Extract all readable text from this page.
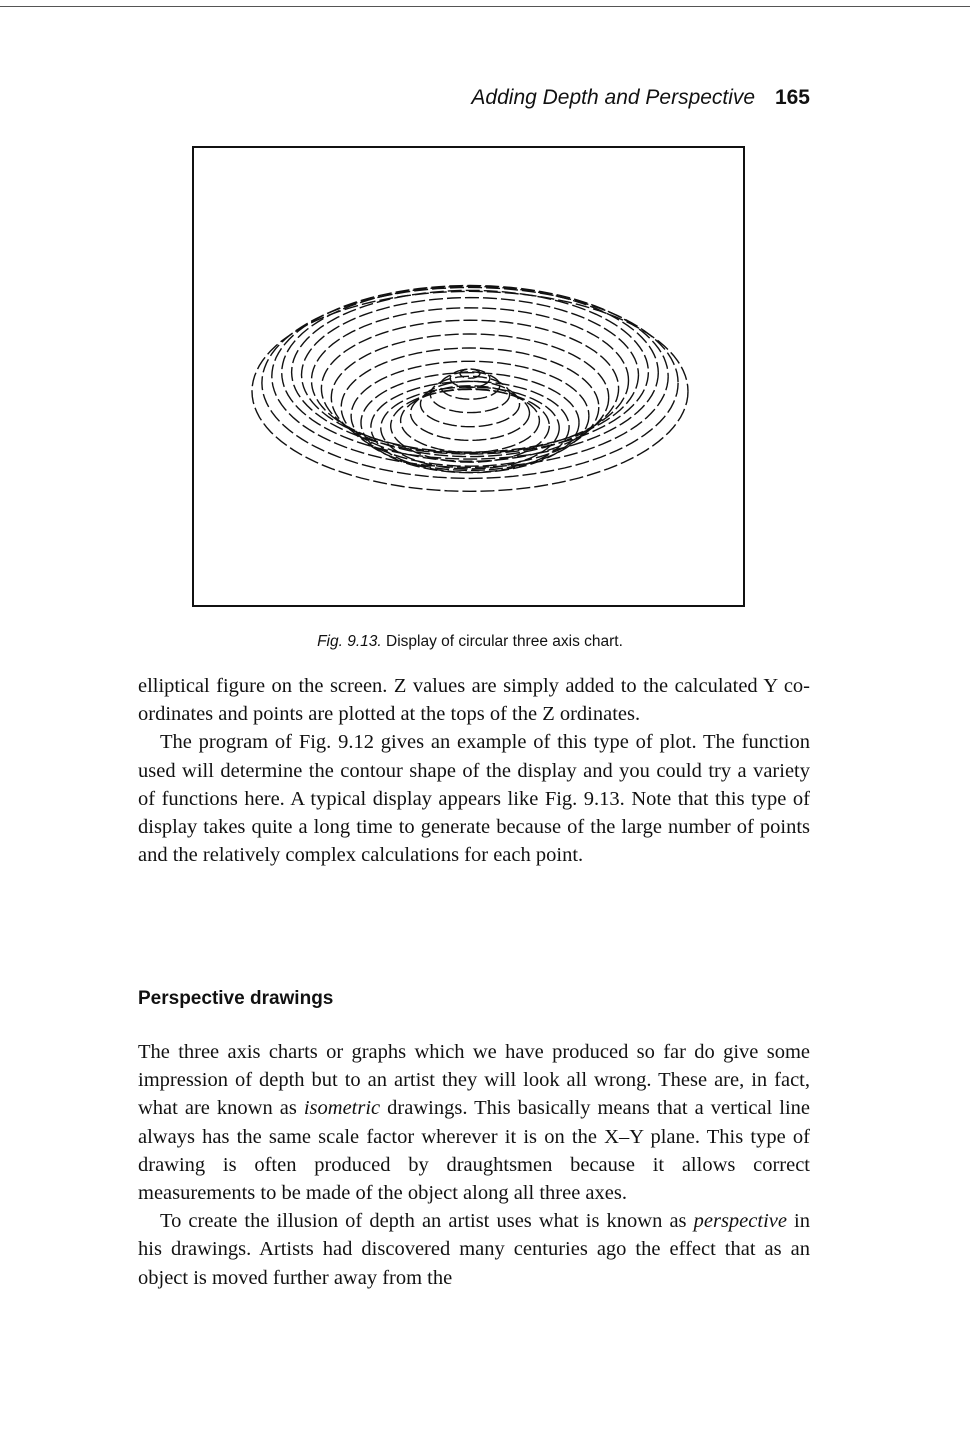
Adding Depth and Perspective 165
Fig. 9.13. Display of circular three axis chart.

elliptical figure on the screen. Z values are simply added to the calculated Y co-ordinates and points are plotted at the tops of the Z ordinates.

The program of Fig. 9.12 gives an example of this type of plot. The function used will determine the contour shape of the display and you could try a variety of functions here. A typical display appears like Fig. 9.13. Note that this type of display takes quite a long time to generate because of the large number of points and the relatively complex calculations for each point.

Perspective drawings

The three axis charts or graphs which we have produced so far do give some impression of depth but to an artist they will look all wrong. These are, in fact, what are known as isometric drawings. This basically means that a vertical line always has the same scale factor wherever it is on the X–Y plane. This type of drawing is often produced by draughtsmen because it allows correct measurements to be made of the object along all three axes.

To create the illusion of depth an artist uses what is known as perspective in his drawings. Artists had discovered many centuries ago the effect that as an object is moved further away from the
